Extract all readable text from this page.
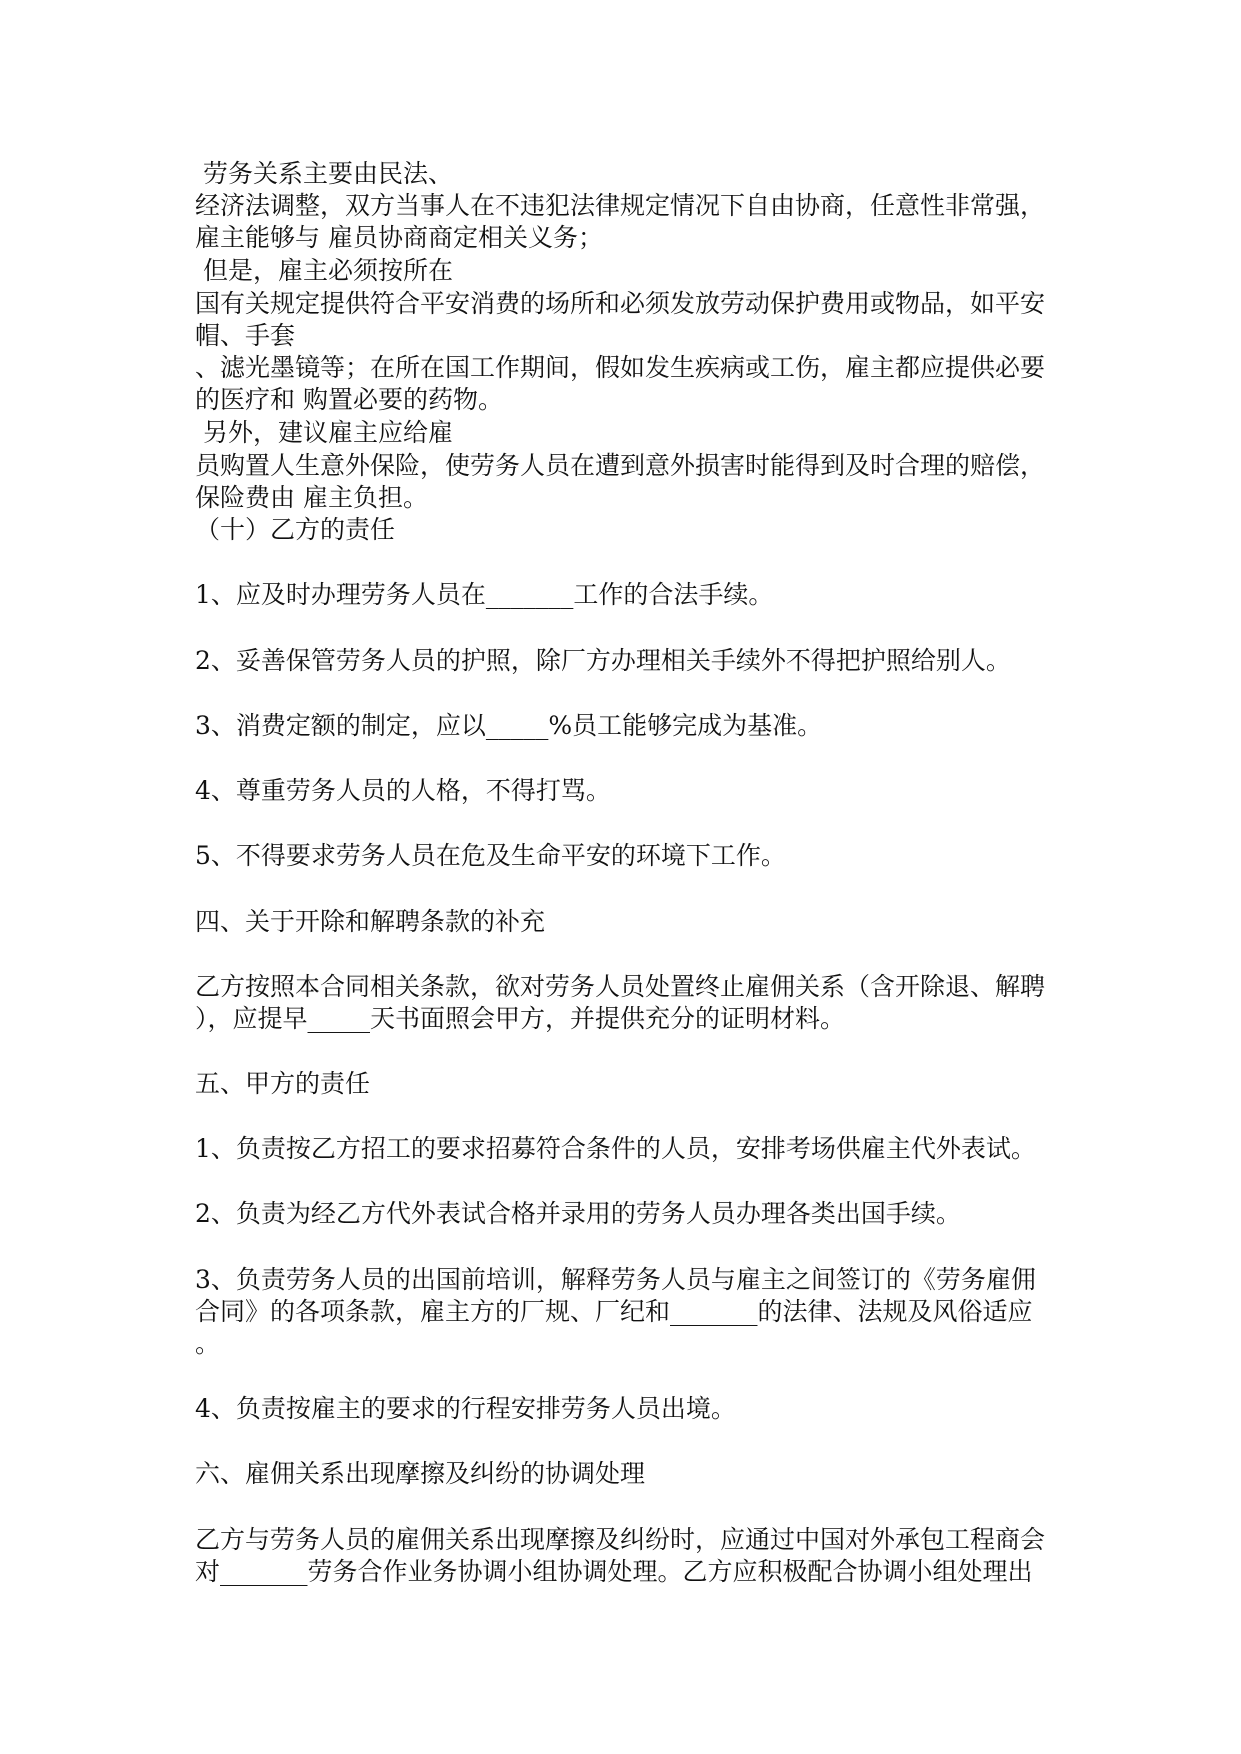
劳务关系主要由民法、
经济法调整，双方当事人在不违犯法律规定情况下自由协商，任意性非常强，
雇主能够与 雇员协商商定相关义务；
但是，雇主必须按所在
国有关规定提供符合平安消费的场所和必须发放劳动保护费用或物品，如平安
帽、手套
、滤光墨镜等；在所在国工作期间，假如发生疾病或工伤，雇主都应提供必要
的医疗和 购置必要的药物。
另外，建议雇主应给雇
员购置人生意外保险，使劳务人员在遭到意外损害时能得到及时合理的赔偿，
保险费由 雇主负担。
（十）乙方的责任
1、应及时办理劳务人员在_______工作的合法手续。
2、妥善保管劳务人员的护照，除厂方办理相关手续外不得把护照给别人。
3、消费定额的制定，应以_____%员工能够完成为基准。
4、尊重劳务人员的人格，不得打骂。
5、不得要求劳务人员在危及生命平安的环境下工作。
四、关于开除和解聘条款的补充
乙方按照本合同相关条款，欲对劳务人员处置终止雇佣关系（含开除退、解聘
），应提早_____天书面照会甲方，并提供充分的证明材料。
五、甲方的责任
1、负责按乙方招工的要求招募符合条件的人员，安排考场供雇主代外表试。
2、负责为经乙方代外表试合格并录用的劳务人员办理各类出国手续。
3、负责劳务人员的出国前培训，解释劳务人员与雇主之间签订的《劳务雇佣
合同》的各项条款，雇主方的厂规、厂纪和_______的法律、法规及风俗适应
。
4、负责按雇主的要求的行程安排劳务人员出境。
六、雇佣关系出现摩擦及纠纷的协调处理
乙方与劳务人员的雇佣关系出现摩擦及纠纷时，应通过中国对外承包工程商会
对_______劳务合作业务协调小组协调处理。乙方应积极配合协调小组处理出
